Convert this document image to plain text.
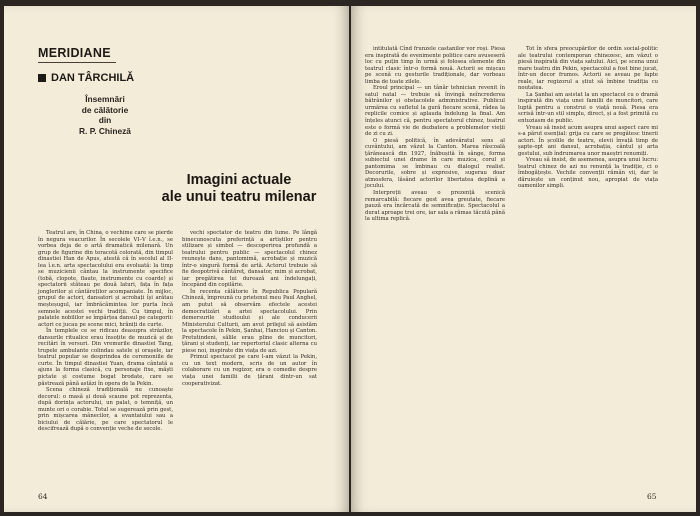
MERIDIANE
DAN TÂRCHILĂ
Însemnări
de călătorie
din
R. P. Chineză
Imagini actuale
ale unui teatru milenar

Teatrul are, în China, o vechime care se pierde în negura veacurilor. În secolele VI–V î.e.n., se vorbea deja de o artă dramatică milenară. Un grup de figurine din teracotă colorată, din timpul dinastiei Han de Apus, atestă că în secolul al II-lea î.e.n. arta spectacolului era evoluată: la timp se muzicienii cântau la instrumente specifice (tobă, clopote, flaute, instrumente cu coarde) și spectatorii stăteau pe două laturi, fața în fața jonglerilor și cântăreților acompaniate. În mijloc, grupul de actori, dansatori și acrobați își arătau meșteșugul, iar îmbrăcămintea lor purta încă semnele acestei vechi tradiții. Cu timpul, în palatele nobililor se împărțea dansul pe categorii: actori ce jucau pe scene mici, hrăniți de curte.

În templele ce se ridicau deasupra străzilor, dansurile ritualice erau însoțite de muzică și de recitări în versuri. Din vremurile dinastiei Tang, trupele ambulante colindau satele și orașele, iar teatrul popular se desprindea de ceremoniile de curte. În timpul dinastiei Yuan, drama cântată a ajuns la forma clasică, cu personaje fixe, măști pictate și costume bogat brodate, care se păstrează până astăzi în opera de la Pekin.

Scena chineză tradițională nu cunoaște decorul: o masă și două scaune pot reprezenta, după dorința actorului, un palat, o temniță, un munte ori o corabie. Totul se sugerează prin gest, prin mișcarea mânecilor, a evantaiului sau a biciului de călărie, pe care spectatorul le descifrează după o convenție veche de secole.

vechi spectator de teatru din lume. Pe lângă binecunoscuta preferință a artiștilor pentru stilizare și simbol — descoperirea profundă a teatrului pentru public — spectacolul chinez reunește dans, pantomimă, acrobație și muzică într-o singură formă de artă. Actorul trebuie să fie deopotrivă cântăreț, dansator, mim și acrobat, iar pregătirea lui durează ani îndelungați, începând din copilărie.

În recenta călătorie în Republica Populară Chineză, împreună cu prietenul meu Paul Anghel, am putut să observăm efectele acestei democratizări a artei spectacolului. Prin demersurile studioului și ale conducerii Ministerului Culturii, am avut prilejul să asistăm la spectacole în Pekin, Șanhai, Hanciou și Canton. Pretutindeni, sălile erau pline de muncitori, țărani și studenți, iar repertoriul clasic alterna cu piese noi, inspirate din viața de azi.

Primul spectacol pe care l-am văzut la Pekin, cu un text modern, scris de un autor în colaborare cu un regizor, era o comedie despre viața unei familii de țărani dintr-un sat cooperativizat.

64

intitulată Cînd frunzele castanilor vor roși. Piesa era inspirată de evenimente politice care avuseseră loc cu puțin timp în urmă și folosea elemente din teatrul clasic într-o formă nouă. Actorii se mișcau pe scenă cu gesturile tradiționale, dar vorbeau limba de toate zilele.

Eroul principal — un tânăr tehnician revenit în satul natal — trebuie să învingă neîncrederea bătrânilor și obstacolele administrative. Publicul urmărea cu sufletul la gură fiecare scenă, râdea la replicile comice și aplauda îndelung la final. Am înțeles atunci că, pentru spectatorul chinez, teatrul este o formă vie de dezbatere a problemelor vieții de zi cu zi.

O piesă politică, în adevăratul sens al cuvântului, am văzut la Canton. Marea răscoală țărănească din 1927, înăbușită în sânge, forma subiectul unei drame în care muzica, corul și pantomima se îmbinau cu dialogul realist. Decorurile, sobre și expresive, sugerau doar atmosfera, lăsând actorilor libertatea deplină a jocului.

Interpreții aveau o prezență scenică remarcabilă: fiecare gest avea greutate, fiecare pauză era încărcată de semnificație. Spectacolul a durat aproape trei ore, iar sala a rămas tăcută până la ultima replică.

Tot în sfera preocupărilor de ordin social-politic ale teatrului contemporan chinezesc, am văzut o piesă inspirată din viața satului. Aici, pe scena unui mare teatru din Pekin, spectacolul a fost bine jucat, într-un decor frumos. Actorii se aveau pe fapte reale, iar regizorul a știut să îmbine tradiția cu noutatea.

La Șanhai am asistat la un spectacol cu o dramă inspirată din viața unei familii de muncitori, care luptă pentru a construi o viață nouă. Piesa era scrisă într-un stil simplu, direct, și a fost primită cu entuziasm de public.

Vreau să insist acum asupra unui aspect care mi s-a părut esențial: grija cu care se pregătesc tinerii actori. În școlile de teatru, elevii învață timp de șapte-opt ani dansul, acrobația, cântul și arta gestului, sub îndrumarea unor maeștri renumiți.

Vreau să insist, de asemenea, asupra unui lucru: teatrul chinez de azi nu renunță la tradiție, ci o îmbogățește. Vechile convenții rămân vii, dar le dăruiește un conținut nou, apropiat de viața oamenilor simpli.

65
